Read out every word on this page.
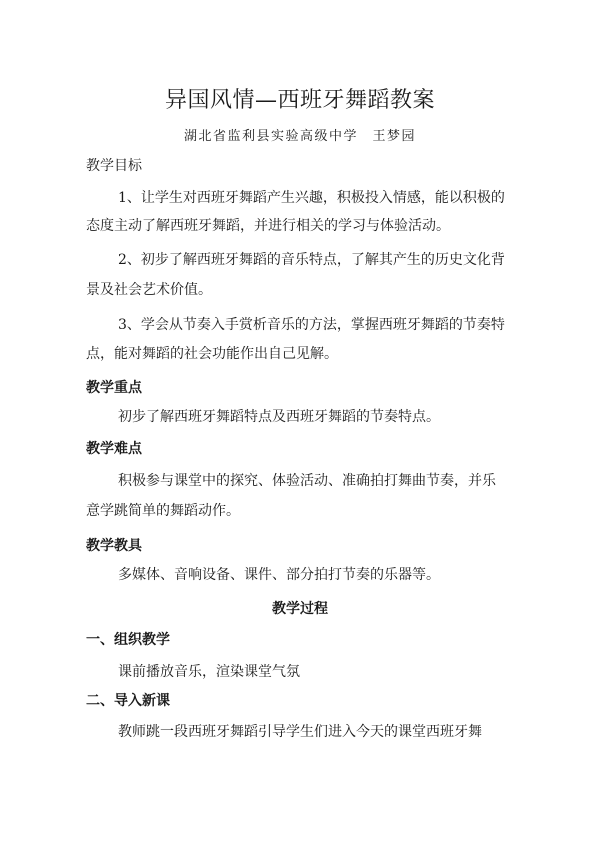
异国风情—西班牙舞蹈教案
湖北省监利县实验高级中学　王梦园
教学目标
1、让学生对西班牙舞蹈产生兴趣，积极投入情感，能以积极的
态度主动了解西班牙舞蹈，并进行相关的学习与体验活动。
2、初步了解西班牙舞蹈的音乐特点，了解其产生的历史文化背
景及社会艺术价值。
3、学会从节奏入手赏析音乐的方法，掌握西班牙舞蹈的节奏特
点，能对舞蹈的社会功能作出自己见解。
教学重点
初步了解西班牙舞蹈特点及西班牙舞蹈的节奏特点。
教学难点
积极参与课堂中的探究、体验活动、准确拍打舞曲节奏，并乐
意学跳简单的舞蹈动作。
教学教具
多媒体、音响设备、课件、部分拍打节奏的乐器等。
教学过程
一、组织教学
课前播放音乐，渲染课堂气氛
二、导入新课
教师跳一段西班牙舞蹈引导学生们进入今天的课堂西班牙舞
